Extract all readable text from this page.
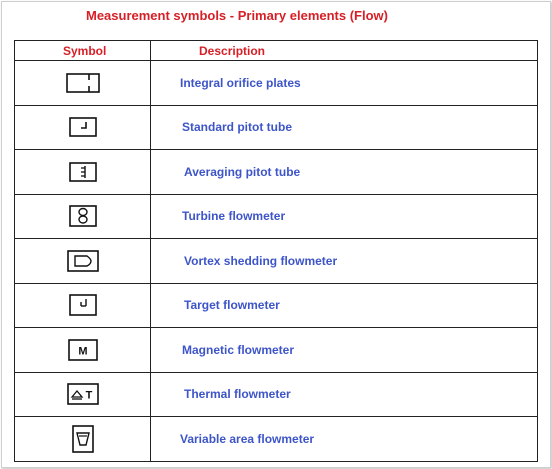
Measurement symbols - Primary elements (Flow)
Symbol	Description

	Integral orifice plates

	Standard pitot tube

	Averaging pitot tube

	Turbine flowmeter

	Vortex shedding flowmeter

	Target flowmeter

M	Magnetic flowmeter

T	Thermal flowmeter

	Variable area flowmeter
